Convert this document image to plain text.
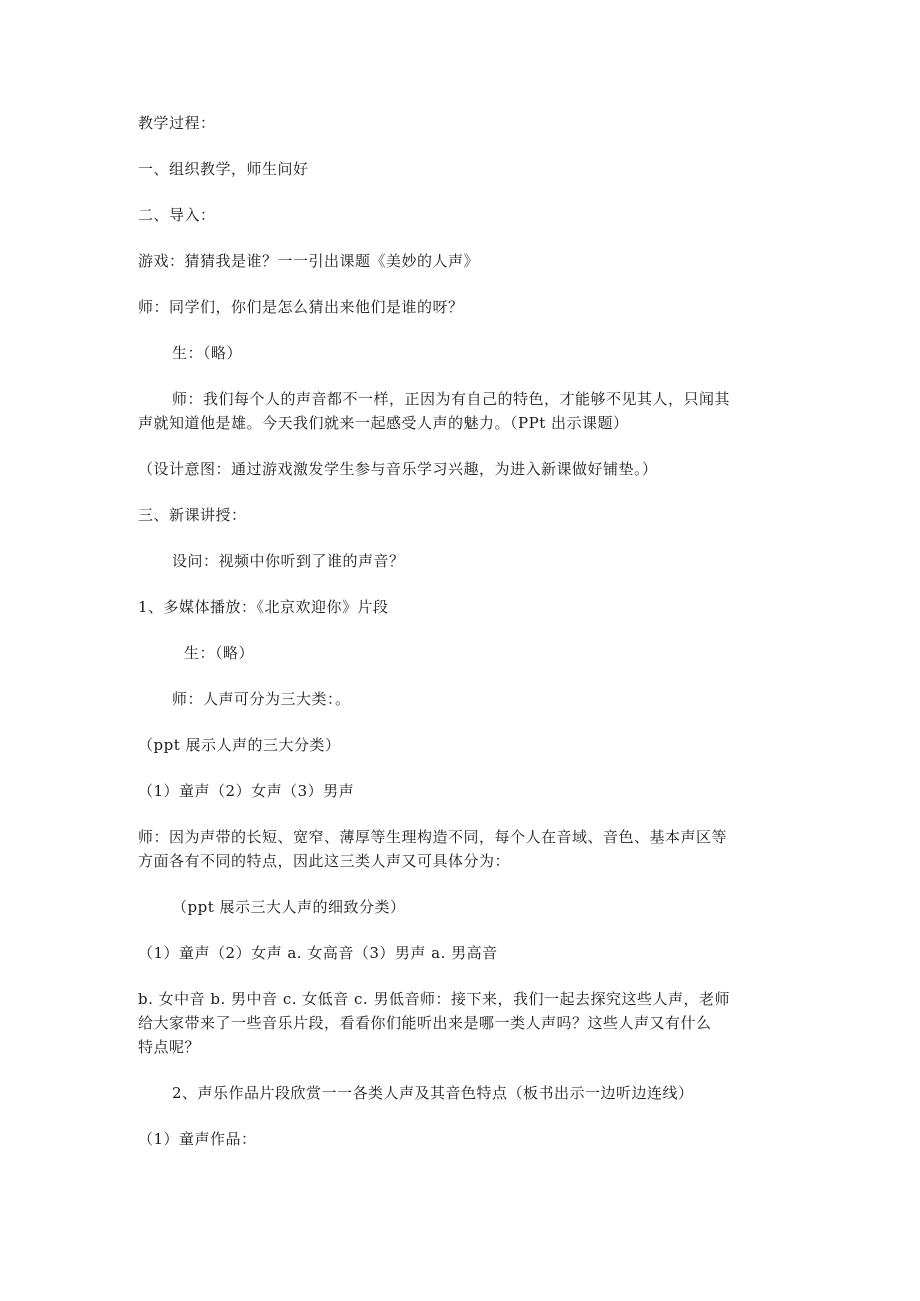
教学过程：
一、组织教学，师生问好
二、导入：
游戏：猜猜我是谁？一一引出课题《美妙的人声》
师：同学们，你们是怎么猜出来他们是谁的呀？
生：（略）
师：我们每个人的声音都不一样，正因为有自己的特色，才能够不见其人，只闻其
声就知道他是雄。今天我们就来一起感受人声的魅力。（PPt 出示课题）
（设计意图：通过游戏激发学生参与音乐学习兴趣，为进入新课做好铺垫。）
三、新课讲授：
设问：视频中你听到了谁的声音？
1、多媒体播放：《北京欢迎你》片段
生：（略）
师：人声可分为三大类：。
（ppt 展示人声的三大分类）
（1）童声（2）女声（3）男声
师：因为声带的长短、宽窄、薄厚等生理构造不同，每个人在音域、音色、基本声区等
方面各有不同的特点，因此这三类人声又可具体分为：
（ppt 展示三大人声的细致分类）
（1）童声（2）女声 a. 女高音（3）男声 a. 男高音
b. 女中音 b. 男中音 c. 女低音 c. 男低音师：接下来，我们一起去探究这些人声，老师
给大家带来了一些音乐片段，看看你们能听出来是哪一类人声吗？这些人声又有什么
特点呢？
2、声乐作品片段欣赏一一各类人声及其音色特点（板书出示一边听边连线）
（1）童声作品：
